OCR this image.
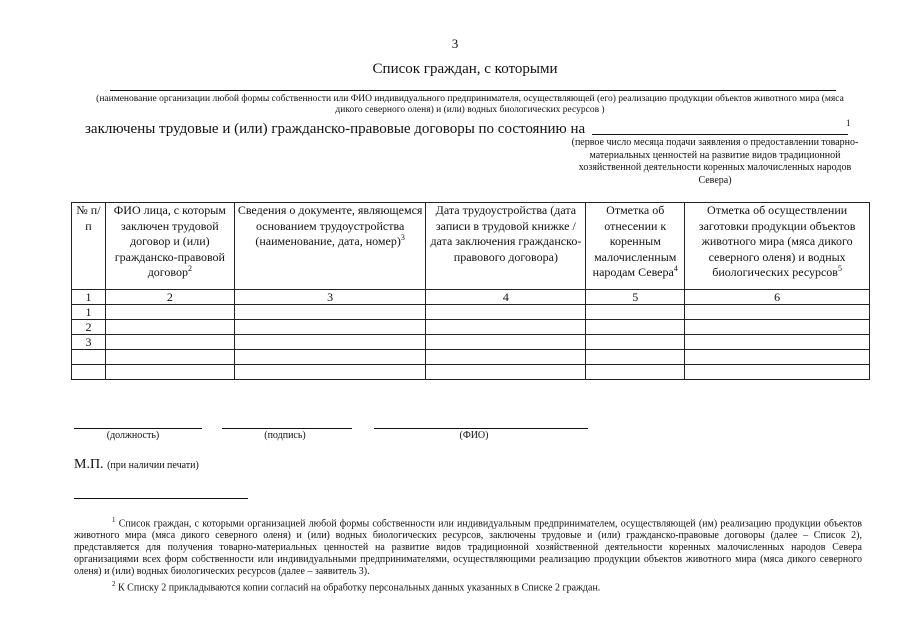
3
Список граждан, с которыми
(наименование организации любой формы собственности или ФИО индивидуального предпринимателя, осуществляющей (его) реализацию продукции объектов животного мира (мяса дикого северного оленя) и (или) водных биологических ресурсов )
заключены трудовые и (или) гражданско-правовые договоры по состоянию на	1
(первое число месяца подачи заявления о предоставлении товарно-материальных ценностей на развитие видов традиционной хозяйственной деятельности коренных малочисленных народов Севера)
№ п/п	ФИО лица, с которым заключен трудовой договор и (или) гражданско-правовой договор$^2$	Сведения о документе, являющемся основанием трудоустройства (наименование, дата, номер)$^3$	Дата трудоустройства (дата записи в трудовой книжке / дата заключения гражданско-правового договора)	Отметка об отнесении к коренным малочисленным народам Севера$^4$	Отметка об осуществлении заготовки продукции объектов животного мира (мяса дикого северного оленя) и водных биологических ресурсов$^5$
1	2	3	4	5	6
1					
2					
3					

(должность)	(подпись)	(ФИО)
М.П. (при наличии печати)

$^1$ Список граждан, с которыми организацией любой формы собственности или индивидуальным предпринимателем, осуществляющей (им) реализацию продукции объектов животного мира (мяса дикого северного оленя) и (или) водных биологических ресурсов, заключены трудовые и (или) гражданско-правовые договоры (далее – Список 2), представляется для получения товарно-материальных ценностей на развитие видов традиционной хозяйственной деятельности коренных малочисленных народов Севера организациями всех форм собственности или индивидуальными предпринимателями, осуществляющими реализацию продукции объектов животного мира (мяса дикого северного оленя) и (или) водных биологических ресурсов (далее – заявитель 3).

$^2$ К Списку 2 прикладываются копии согласий на обработку персональных данных указанных в Списке 2 граждан.
